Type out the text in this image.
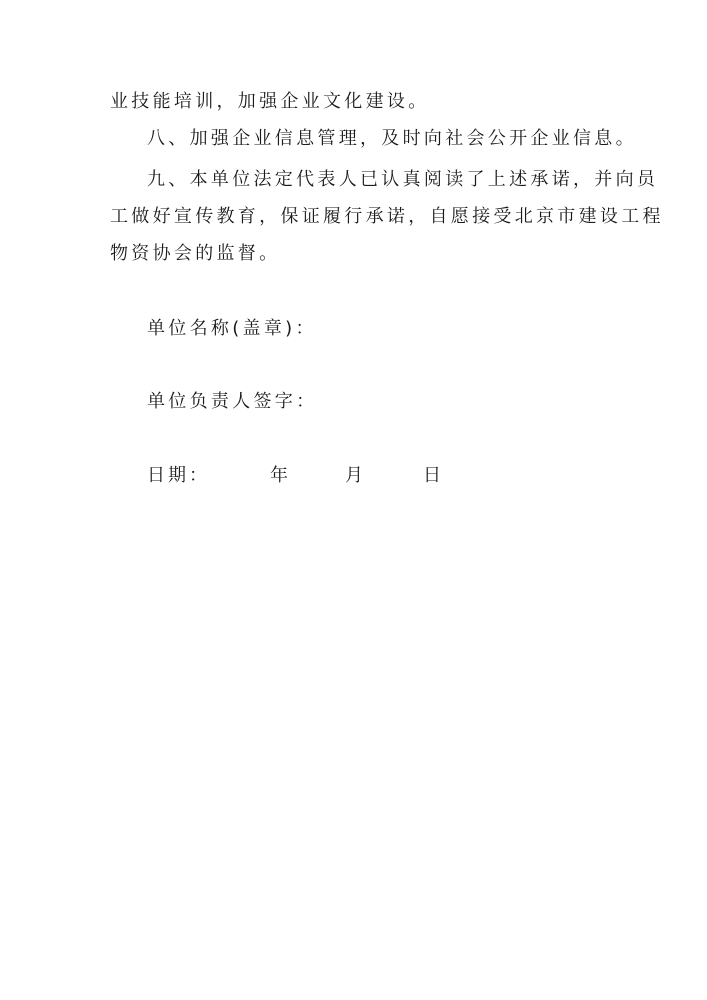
业技能培训，加强企业文化建设。
八、加强企业信息管理，及时向社会公开企业信息。
九、本单位法定代表人已认真阅读了上述承诺，并向员
工做好宣传教育，保证履行承诺，自愿接受北京市建设工程
物资协会的监督。
单位名称(盖章)：
单位负责人签字：
日期：	年	月	日
